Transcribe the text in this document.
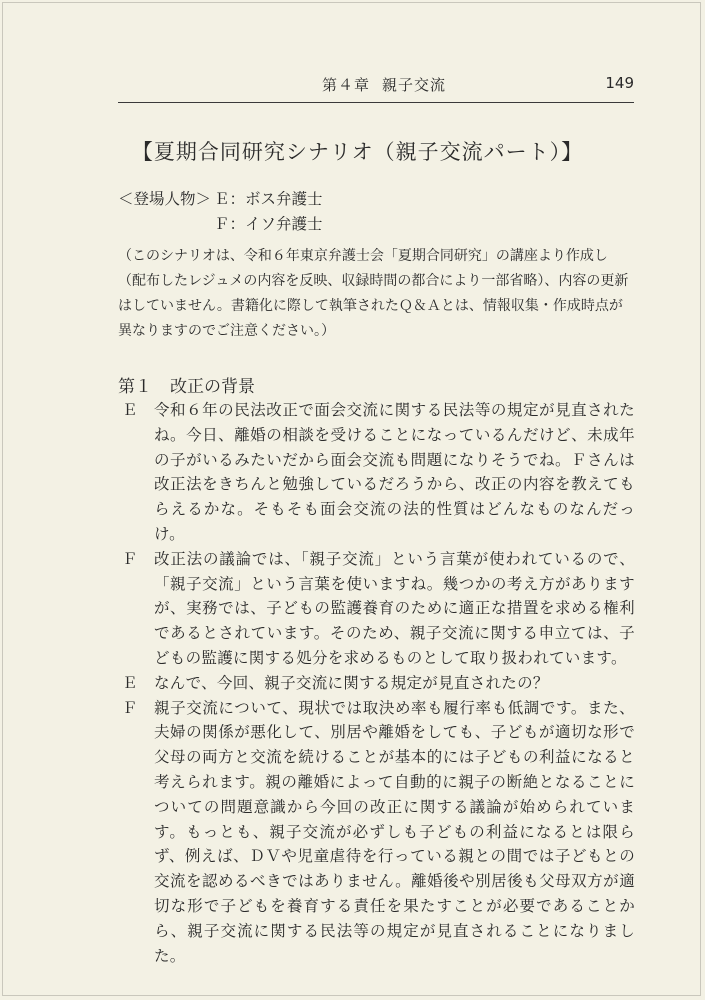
第４章 親子交流	149
【夏期合同研究シナリオ（親子交流パート）】
＜登場人物＞ Ｅ：ボス弁護士
Ｆ：イソ弁護士
（このシナリオは、令和６年東京弁護士会「夏期合同研究」の講座より作成し（配布したレジュメの内容を反映、収録時間の都合により一部省略）、内容の更新はしていません。書籍化に際して執筆されたＱ＆Ａとは、情報収集・作成時点が異なりますのでご注意ください。）
第１ 改正の背景
Ｅ 令和６年の民法改正で面会交流に関する民法等の規定が見直されたね。今日、離婚の相談を受けることになっているんだけど、未成年の子がいるみたいだから面会交流も問題になりそうでね。Ｆさんは改正法をきちんと勉強しているだろうから、改正の内容を教えてもらえるかな。そもそも面会交流の法的性質はどんなものなんだっけ。
Ｆ 改正法の議論では、「親子交流」という言葉が使われているので、「親子交流」という言葉を使いますね。幾つかの考え方がありますが、実務では、子どもの監護養育のために適正な措置を求める権利であるとされています。そのため、親子交流に関する申立ては、子どもの監護に関する処分を求めるものとして取り扱われています。
Ｅ なんで、今回、親子交流に関する規定が見直されたの？
Ｆ 親子交流について、現状では取決め率も履行率も低調です。また、夫婦の関係が悪化して、別居や離婚をしても、子どもが適切な形で父母の両方と交流を続けることが基本的には子どもの利益になると考えられます。親の離婚によって自動的に親子の断絶となることについての問題意識から今回の改正に関する議論が始められています。もっとも、親子交流が必ずしも子どもの利益になるとは限らず、例えば、ＤＶや児童虐待を行っている親との間では子どもとの交流を認めるべきではありません。離婚後や別居後も父母双方が適切な形で子どもを養育する責任を果たすことが必要であることから、親子交流に関する民法等の規定が見直されることになりました。
